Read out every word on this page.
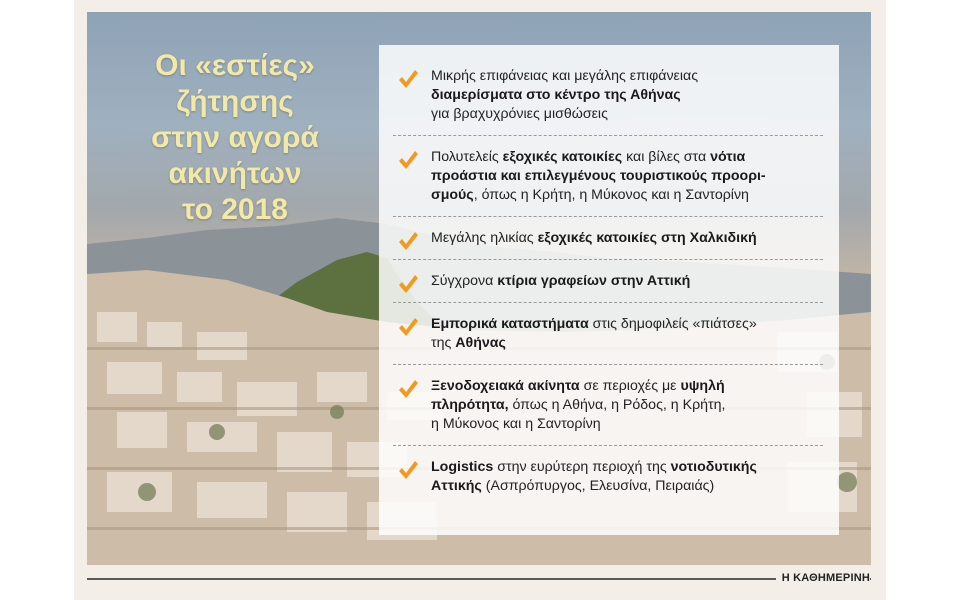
Οι «εστίες»
ζήτησης
στην αγορά
ακινήτων
το 2018
Μικρής επιφάνειας και μεγάλης επιφάνειας
διαμερίσματα στο κέντρο της Αθήνας
για βραχυχρόνιες μισθώσεις
Πολυτελείς εξοχικές κατοικίες και βίλες στα νότια
προάστια και επιλεγμένους τουριστικούς προορι-
σμούς, όπως η Κρήτη, η Μύκονος και η Σαντορίνη
Μεγάλης ηλικίας εξοχικές κατοικίες στη Χαλκιδική
Σύγχρονα κτίρια γραφείων στην Αττική
Εμπορικά καταστήματα στις δημοφιλείς «πιάτσες»
της Αθήνας
Ξενοδοχειακά ακίνητα σε περιοχές με υψηλή
πληρότητα, όπως η Αθήνα, η Ρόδος, η Κρήτη,
η Μύκονος και η Σαντορίνη
Logistics στην ευρύτερη περιοχή της νοτιοδυτικής
Αττικής (Ασπρόπυργος, Ελευσίνα, Πειραιάς)
Η ΚΑΘΗΜΕΡΙΝΗ
